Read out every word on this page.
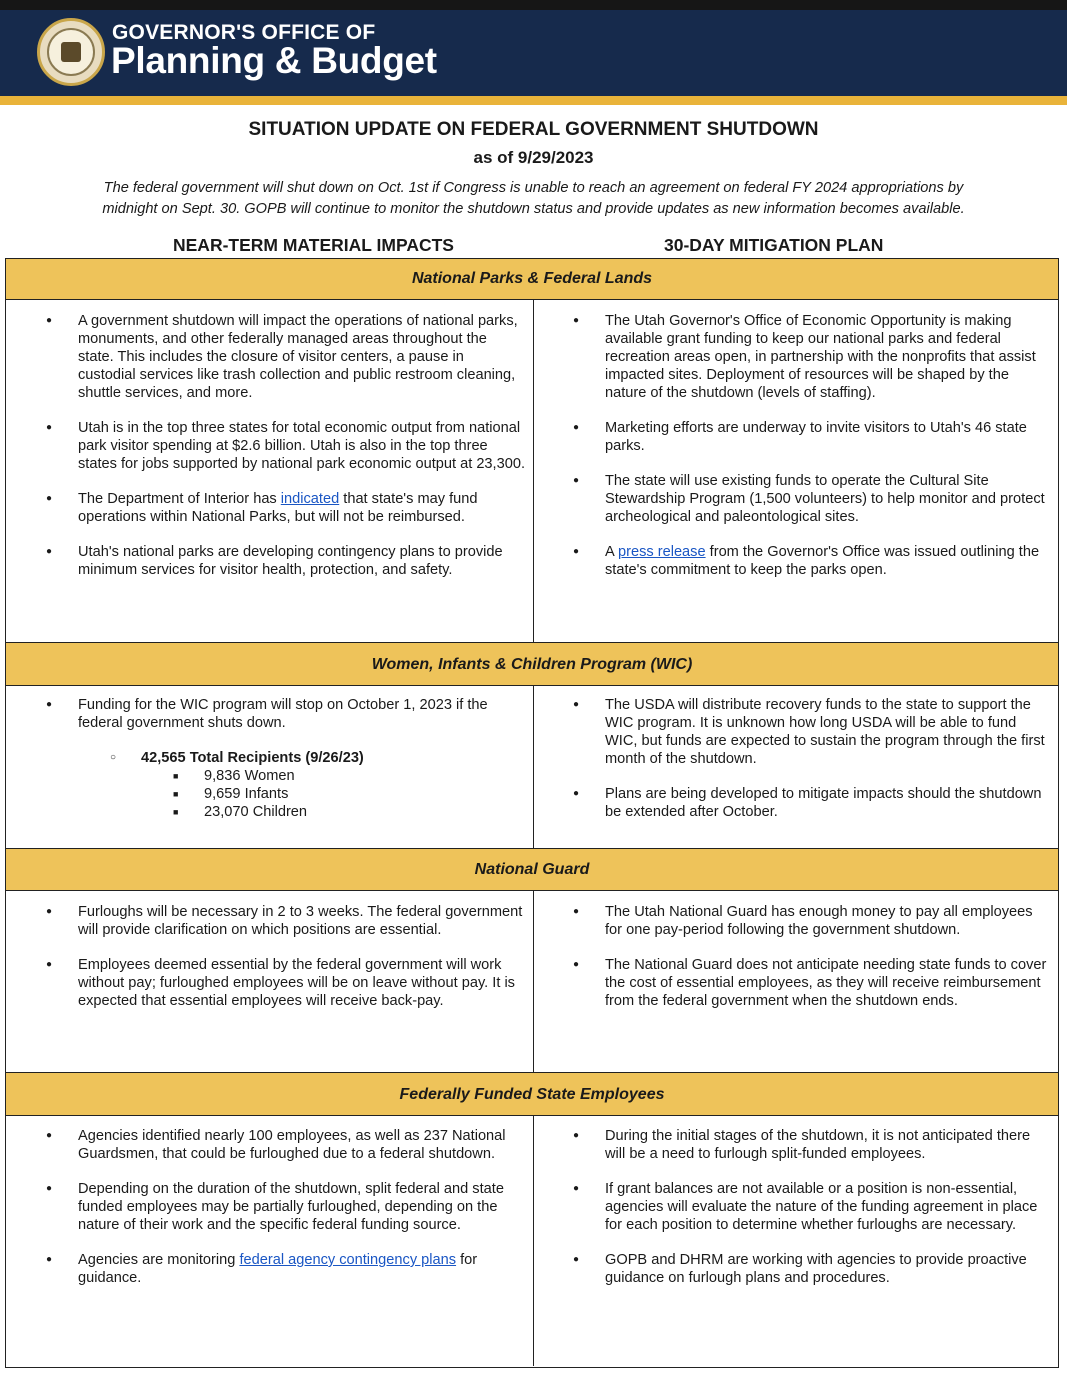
GOVERNOR'S OFFICE OF
Planning & Budget
SITUATION UPDATE ON FEDERAL GOVERNMENT SHUTDOWN
as of 9/29/2023
The federal government will shut down on Oct. 1st if Congress is unable to reach an agreement on federal FY 2024 appropriations by
midnight on Sept. 30. GOPB will continue to monitor the shutdown status and provide updates as new information becomes available.
NEAR-TERM MATERIAL IMPACTS	30-DAY MITIGATION PLAN
National Parks & Federal Lands
● A government shutdown will impact the operations of national parks, monuments, and other federally managed areas throughout the state. This includes the closure of visitor centers, a pause in custodial services like trash collection and public restroom cleaning, shuttle services, and more.
● Utah is in the top three states for total economic output from national park visitor spending at $2.6 billion. Utah is also in the top three states for jobs supported by national park economic output at 23,300.
● The Department of Interior has indicated that state's may fund operations within National Parks, but will not be reimbursed.
● Utah's national parks are developing contingency plans to provide minimum services for visitor health, protection, and safety.
● The Utah Governor's Office of Economic Opportunity is making available grant funding to keep our national parks and federal recreation areas open, in partnership with the nonprofits that assist impacted sites. Deployment of resources will be shaped by the nature of the shutdown (levels of staffing).
● Marketing efforts are underway to invite visitors to Utah's 46 state parks.
● The state will use existing funds to operate the Cultural Site Stewardship Program (1,500 volunteers) to help monitor and protect archeological and paleontological sites.
● A press release from the Governor's Office was issued outlining the state's commitment to keep the parks open.
Women, Infants & Children Program (WIC)
● Funding for the WIC program will stop on October 1, 2023 if the federal government shuts down.
○ 42,565 Total Recipients (9/26/23)
■ 9,836 Women
■ 9,659 Infants
■ 23,070 Children
● The USDA will distribute recovery funds to the state to support the WIC program. It is unknown how long USDA will be able to fund WIC, but funds are expected to sustain the program through the first month of the shutdown.
● Plans are being developed to mitigate impacts should the shutdown be extended after October.
National Guard
● Furloughs will be necessary in 2 to 3 weeks. The federal government will provide clarification on which positions are essential.
● Employees deemed essential by the federal government will work without pay; furloughed employees will be on leave without pay. It is expected that essential employees will receive back-pay.
● The Utah National Guard has enough money to pay all employees for one pay-period following the government shutdown.
● The National Guard does not anticipate needing state funds to cover the cost of essential employees, as they will receive reimbursement from the federal government when the shutdown ends.
Federally Funded State Employees
● Agencies identified nearly 100 employees, as well as 237 National Guardsmen, that could be furloughed due to a federal shutdown.
● Depending on the duration of the shutdown, split federal and state funded employees may be partially furloughed, depending on the nature of their work and the specific federal funding source.
● Agencies are monitoring federal agency contingency plans for guidance.
● During the initial stages of the shutdown, it is not anticipated there will be a need to furlough split-funded employees.
● If grant balances are not available or a position is non-essential, agencies will evaluate the nature of the funding agreement in place for each position to determine whether furloughs are necessary.
● GOPB and DHRM are working with agencies to provide proactive guidance on furlough plans and procedures.
